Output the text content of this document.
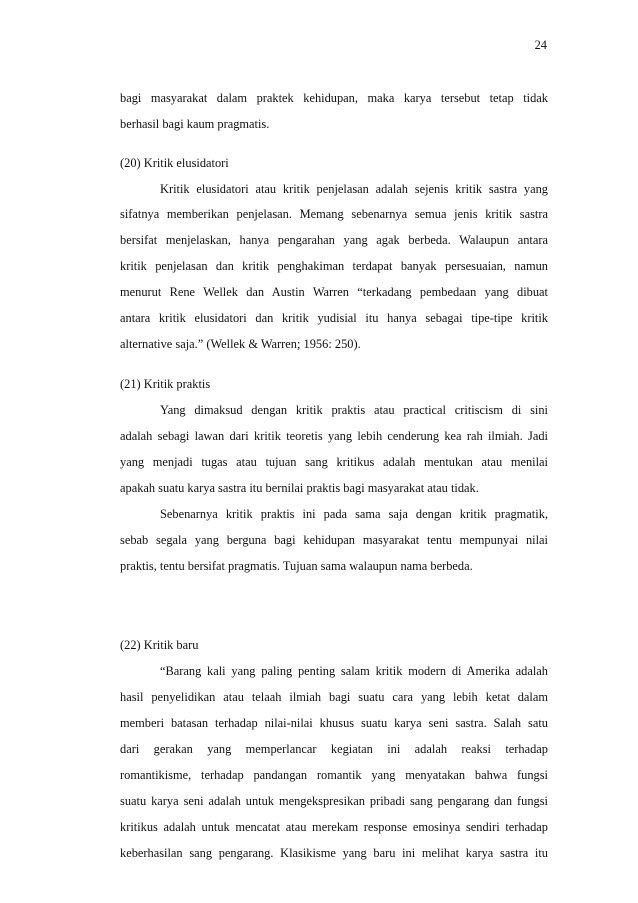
24
bagi masyarakat dalam praktek kehidupan, maka karya tersebut tetap tidak
berhasil bagi kaum pragmatis.
(20) Kritik elusidatori
Kritik elusidatori atau kritik penjelasan adalah sejenis kritik sastra yang
sifatnya memberikan penjelasan. Memang sebenarnya semua jenis kritik sastra
bersifat menjelaskan, hanya pengarahan yang agak berbeda. Walaupun antara
kritik penjelasan dan kritik penghakiman terdapat banyak persesuaian, namun
menurut Rene Wellek dan Austin Warren “terkadang pembedaan yang dibuat
antara kritik elusidatori dan kritik yudisial itu hanya sebagai tipe-tipe kritik
alternative saja.” (Wellek & Warren; 1956: 250).
(21) Kritik praktis
Yang dimaksud dengan kritik praktis atau practical critiscism di sini
adalah sebagi lawan dari kritik teoretis yang lebih cenderung kea rah ilmiah. Jadi
yang menjadi tugas atau tujuan sang kritikus adalah mentukan atau menilai
apakah suatu karya sastra itu bernilai praktis bagi masyarakat atau tidak.
Sebenarnya kritik praktis ini pada sama saja dengan kritik pragmatik,
sebab segala yang berguna bagi kehidupan masyarakat tentu mempunyai nilai
praktis, tentu bersifat pragmatis. Tujuan sama walaupun nama berbeda.
(22) Kritik baru
“Barang kali yang paling penting salam kritik modern di Amerika adalah
hasil penyelidikan atau telaah ilmiah bagi suatu cara yang lebih ketat dalam
memberi batasan terhadap nilai-nilai khusus suatu karya seni sastra. Salah satu
dari gerakan yang memperlancar kegiatan ini adalah reaksi terhadap
romantikisme, terhadap pandangan romantik yang menyatakan bahwa fungsi
suatu karya seni adalah untuk mengekspresikan pribadi sang pengarang dan fungsi
kritikus adalah untuk mencatat atau merekam response emosinya sendiri terhadap
keberhasilan sang pengarang. Klasikisme yang baru ini melihat karya sastra itu
